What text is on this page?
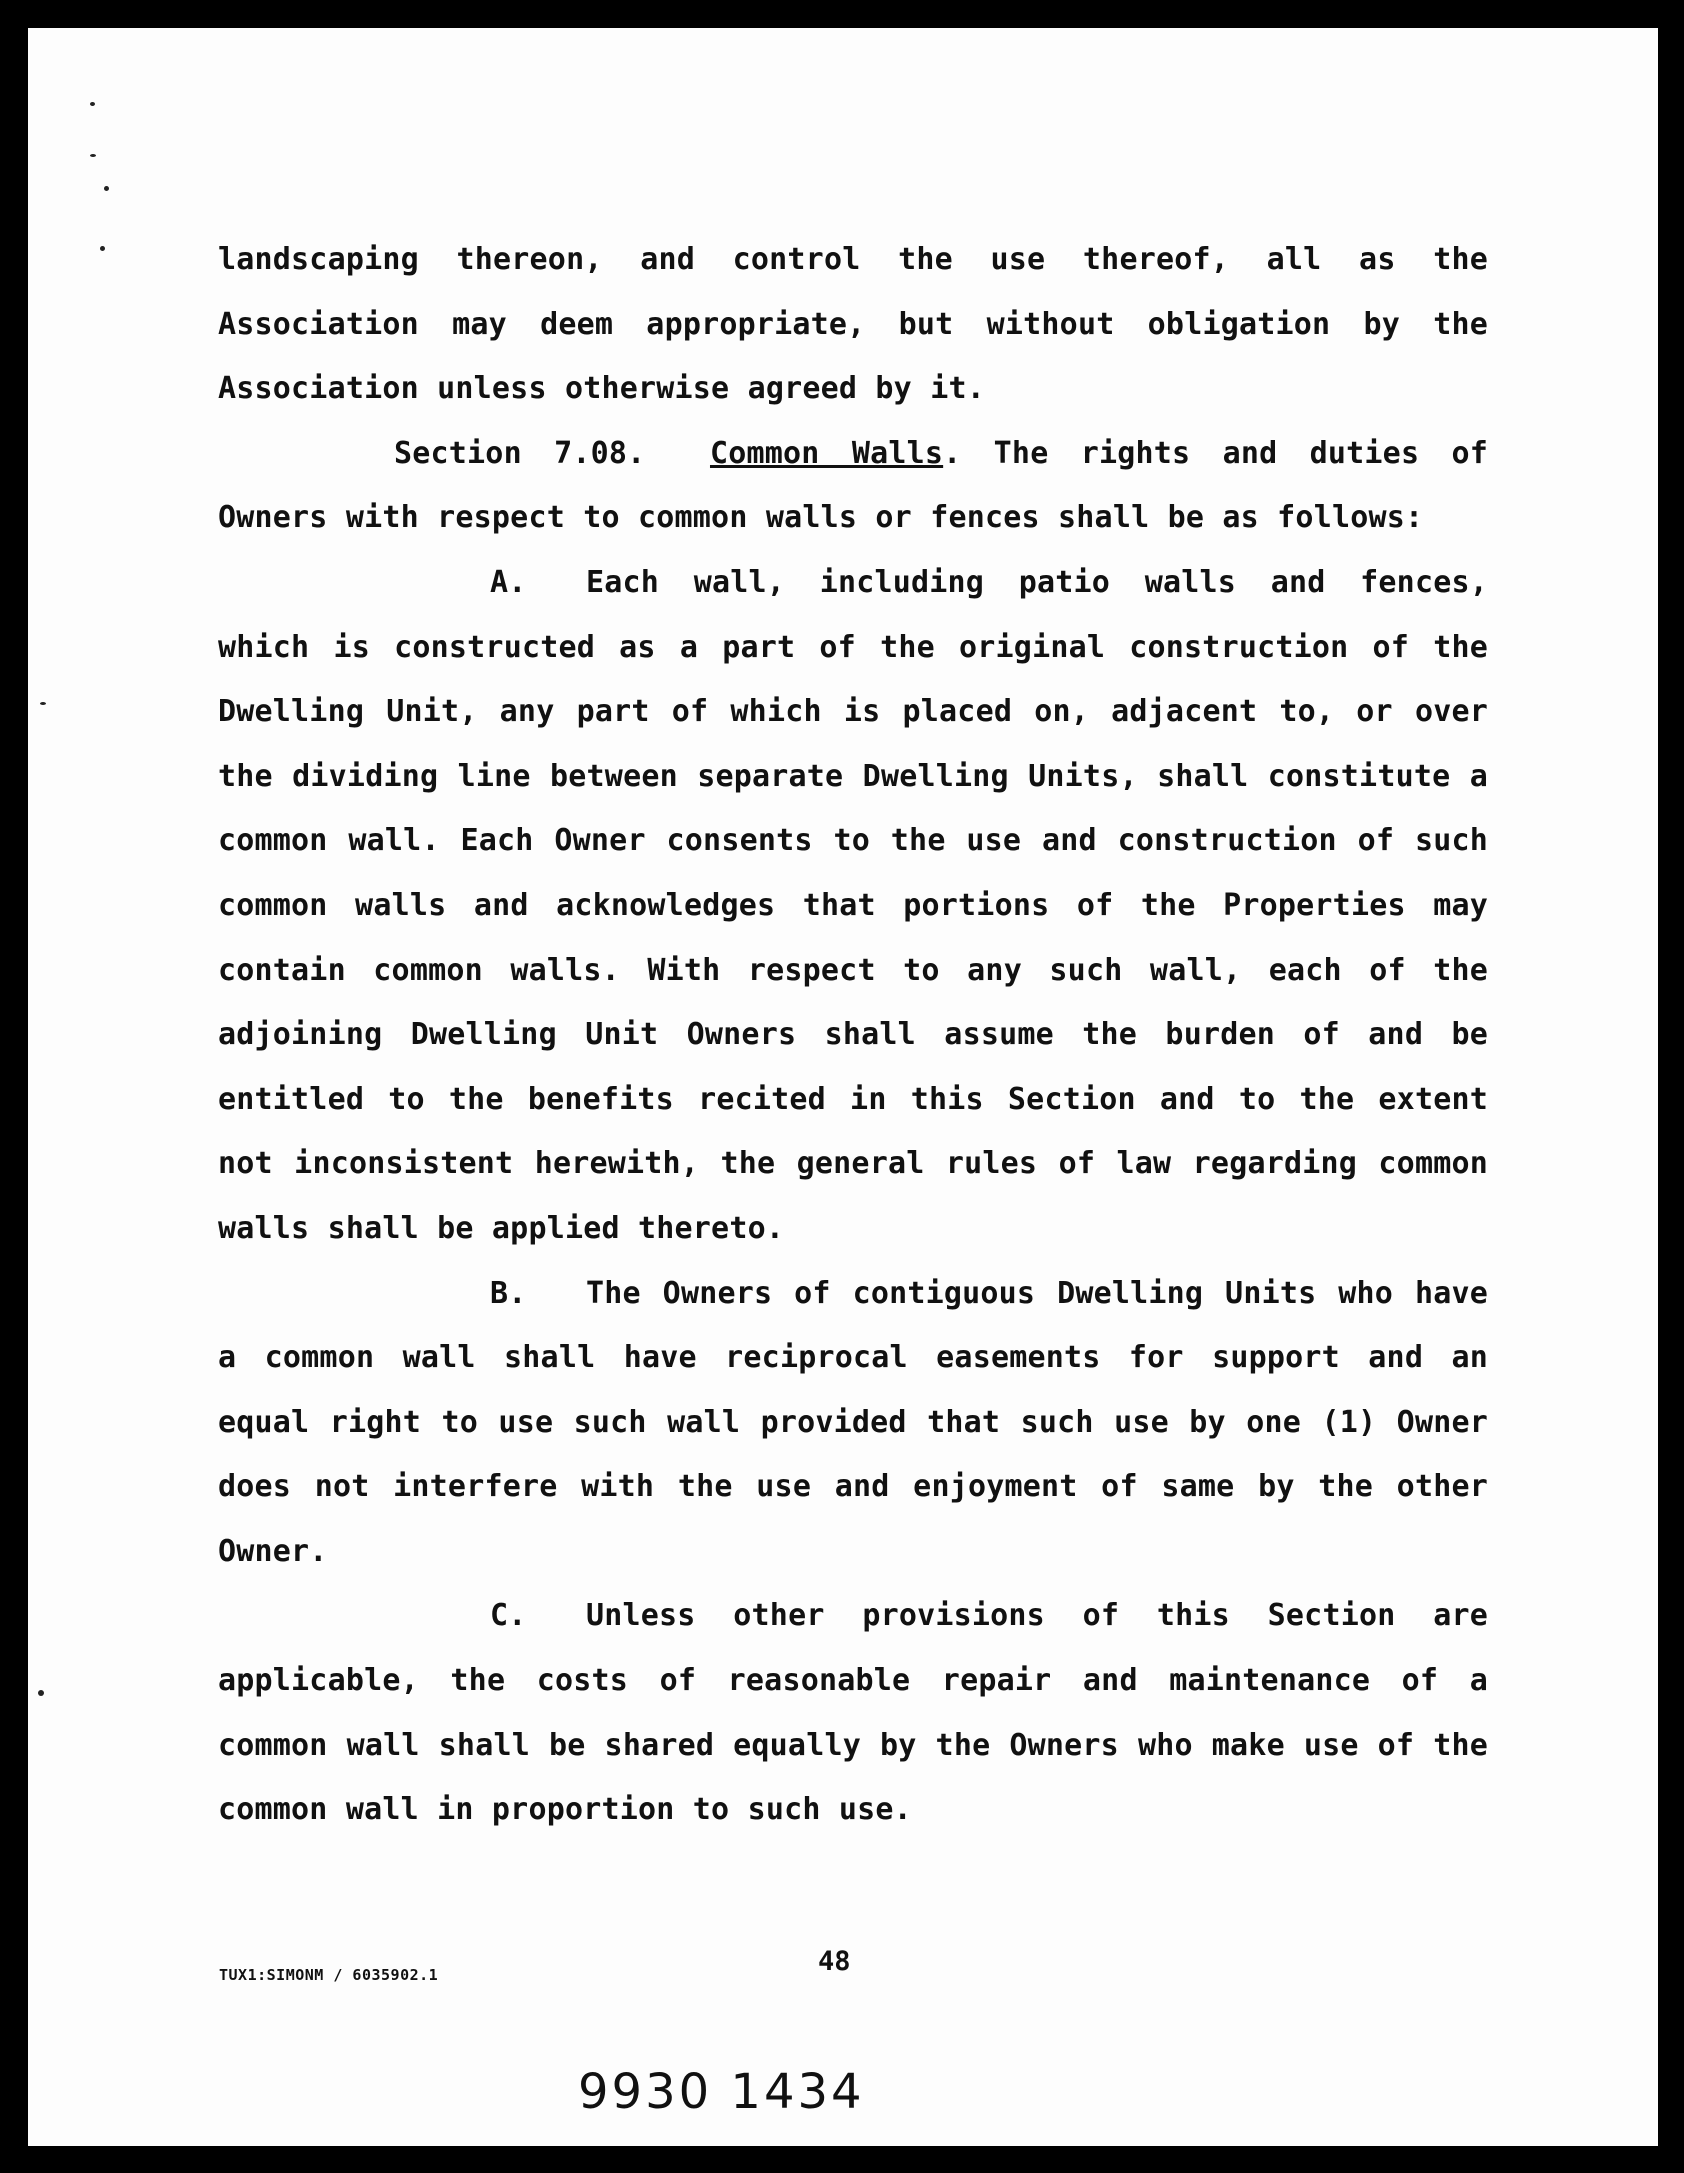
landscaping thereon, and control the use thereof, all as the Association may deem appropriate, but without obligation by the Association unless otherwise agreed by it.

Section 7.08. Common Walls. The rights and duties of Owners with respect to common walls or fences shall be as follows:

A. Each wall, including patio walls and fences, which is constructed as a part of the original construction of the Dwelling Unit, any part of which is placed on, adjacent to, or over the dividing line between separate Dwelling Units, shall constitute a common wall. Each Owner consents to the use and construction of such common walls and acknowledges that portions of the Properties may contain common walls. With respect to any such wall, each of the adjoining Dwelling Unit Owners shall assume the burden of and be entitled to the benefits recited in this Section and to the extent not inconsistent herewith, the general rules of law regarding common walls shall be applied thereto.

B. The Owners of contiguous Dwelling Units who have a common wall shall have reciprocal easements for support and an equal right to use such wall provided that such use by one (1) Owner does not interfere with the use and enjoyment of same by the other Owner.

C. Unless other provisions of this Section are applicable, the costs of reasonable repair and maintenance of a common wall shall be shared equally by the Owners who make use of the common wall in proportion to such use.

TUX1:SIMONM / 6035902.1	48
9930 1434
